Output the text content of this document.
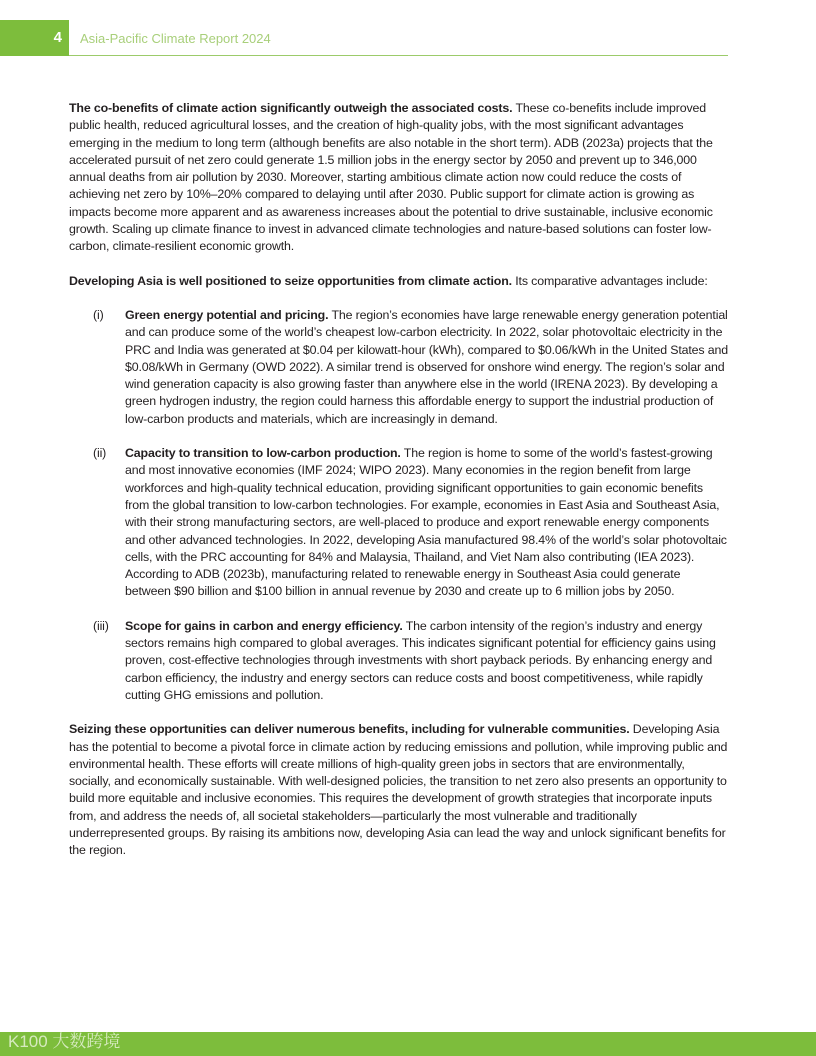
4 Asia-Pacific Climate Report 2024

The co-benefits of climate action significantly outweigh the associated costs. These co-benefits include improved public health, reduced agricultural losses, and the creation of high-quality jobs, with the most significant advantages emerging in the medium to long term (although benefits are also notable in the short term). ADB (2023a) projects that the accelerated pursuit of net zero could generate 1.5 million jobs in the energy sector by 2050 and prevent up to 346,000 annual deaths from air pollution by 2030. Moreover, starting ambitious climate action now could reduce the costs of achieving net zero by 10%–20% compared to delaying until after 2030. Public support for climate action is growing as impacts become more apparent and as awareness increases about the potential to drive sustainable, inclusive economic growth. Scaling up climate finance to invest in advanced climate technologies and nature-based solutions can foster low-carbon, climate-resilient economic growth.

Developing Asia is well positioned to seize opportunities from climate action. Its comparative advantages include:

(i) Green energy potential and pricing. The region’s economies have large renewable energy generation potential and can produce some of the world’s cheapest low-carbon electricity. In 2022, solar photovoltaic electricity in the PRC and India was generated at $0.04 per kilowatt-hour (kWh), compared to $0.06/kWh in the United States and $0.08/kWh in Germany (OWD 2022). A similar trend is observed for onshore wind energy. The region’s solar and wind generation capacity is also growing faster than anywhere else in the world (IRENA 2023). By developing a green hydrogen industry, the region could harness this affordable energy to support the industrial production of low-carbon products and materials, which are increasingly in demand.
(ii) Capacity to transition to low-carbon production. The region is home to some of the world’s fastest-growing and most innovative economies (IMF 2024; WIPO 2023). Many economies in the region benefit from large workforces and high-quality technical education, providing significant opportunities to gain economic benefits from the global transition to low-carbon technologies. For example, economies in East Asia and Southeast Asia, with their strong manufacturing sectors, are well-placed to produce and export renewable energy components and other advanced technologies. In 2022, developing Asia manufactured 98.4% of the world’s solar photovoltaic cells, with the PRC accounting for 84% and Malaysia, Thailand, and Viet Nam also contributing (IEA 2023). According to ADB (2023b), manufacturing related to renewable energy in Southeast Asia could generate between $90 billion and $100 billion in annual revenue by 2030 and create up to 6 million jobs by 2050.
(iii) Scope for gains in carbon and energy efficiency. The carbon intensity of the region’s industry and energy sectors remains high compared to global averages. This indicates significant potential for efficiency gains using proven, cost-effective technologies through investments with short payback periods. By enhancing energy and carbon efficiency, the industry and energy sectors can reduce costs and boost competitiveness, while rapidly cutting GHG emissions and pollution.

Seizing these opportunities can deliver numerous benefits, including for vulnerable communities. Developing Asia has the potential to become a pivotal force in climate action by reducing emissions and pollution, while improving public and environmental health. These efforts will create millions of high-quality green jobs in sectors that are environmentally, socially, and economically sustainable. With well-designed policies, the transition to net zero also presents an opportunity to build more equitable and inclusive economies. This requires the development of growth strategies that incorporate inputs from, and address the needs of, all societal stakeholders—particularly the most vulnerable and traditionally underrepresented groups. By raising its ambitions now, developing Asia can lead the way and unlock significant benefits for the region.

K100 大数跨境
